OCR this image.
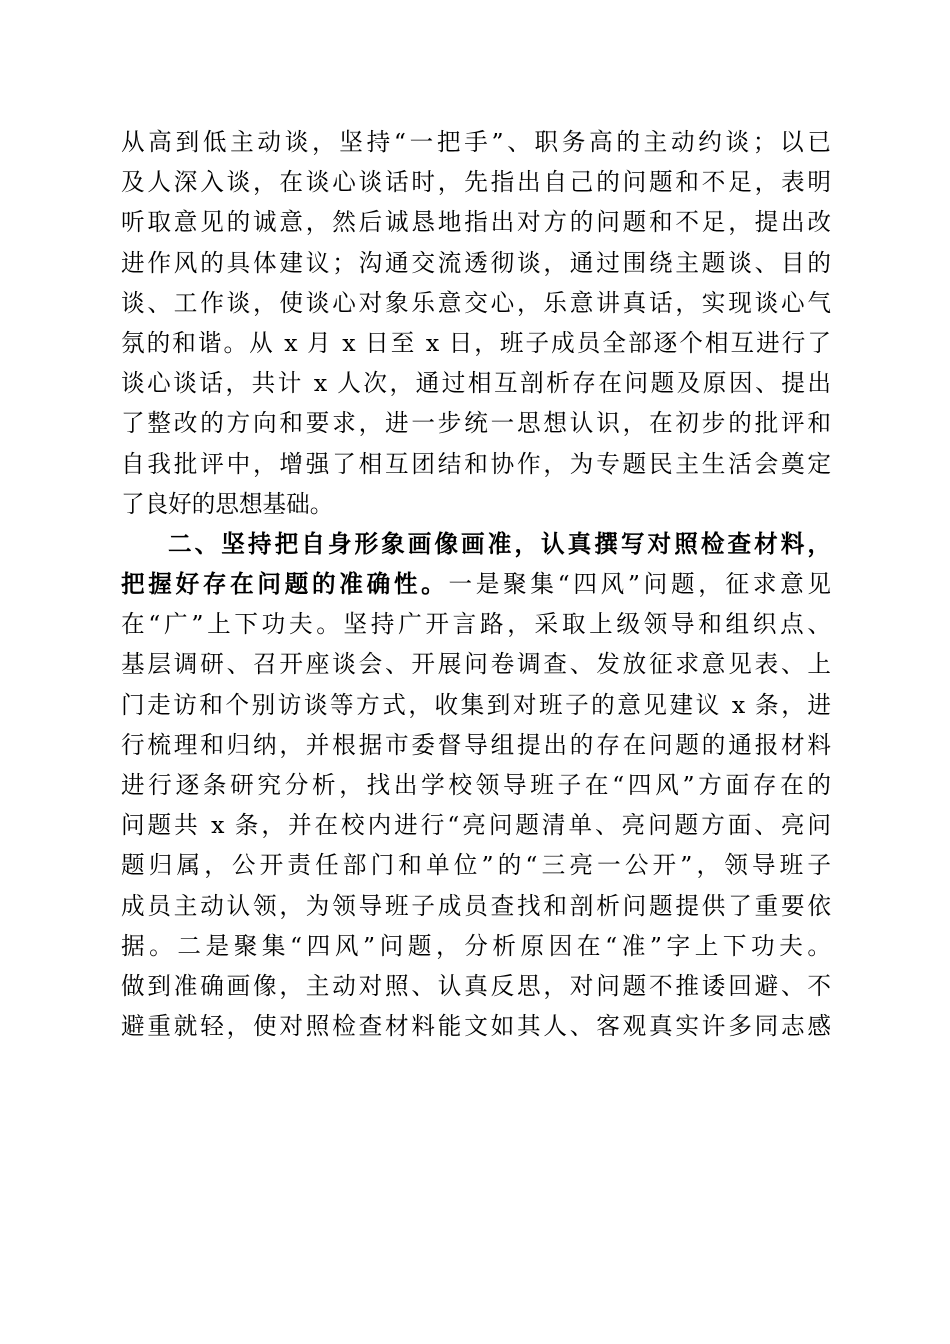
从高到低主动谈，坚持“一把手”、职务高的主动约谈；以已
及人深入谈，在谈心谈话时，先指出自己的问题和不足，表明
听取意见的诚意，然后诚恳地指出对方的问题和不足，提出改
进作风的具体建议；沟通交流透彻谈，通过围绕主题谈、目的
谈、工作谈，使谈心对象乐意交心，乐意讲真话，实现谈心气
氛的和谐。从 x 月 x 日至 x 日，班子成员全部逐个相互进行了
谈心谈话，共计 x 人次，通过相互剖析存在问题及原因、提出
了整改的方向和要求，进一步统一思想认识，在初步的批评和
自我批评中，增强了相互团结和协作，为专题民主生活会奠定
了良好的思想基础。
二、坚持把自身形象画像画准，认真撰写对照检查材料，
把握好存在问题的准确性。一是聚集“四风”问题，征求意见
在“广”上下功夫。坚持广开言路，采取上级领导和组织点、
基层调研、召开座谈会、开展问卷调查、发放征求意见表、上
门走访和个别访谈等方式，收集到对班子的意见建议 x 条，进
行梳理和归纳，并根据市委督导组提出的存在问题的通报材料
进行逐条研究分析，找出学校领导班子在“四风”方面存在的
问题共 x 条，并在校内进行“亮问题清单、亮问题方面、亮问
题归属，公开责任部门和单位”的“三亮一公开”，领导班子
成员主动认领，为领导班子成员查找和剖析问题提供了重要依
据。二是聚集“四风”问题，分析原因在“准”字上下功夫。
做到准确画像，主动对照、认真反思，对问题不推诿回避、不
避重就轻，使对照检查材料能文如其人、客观真实许多同志感
